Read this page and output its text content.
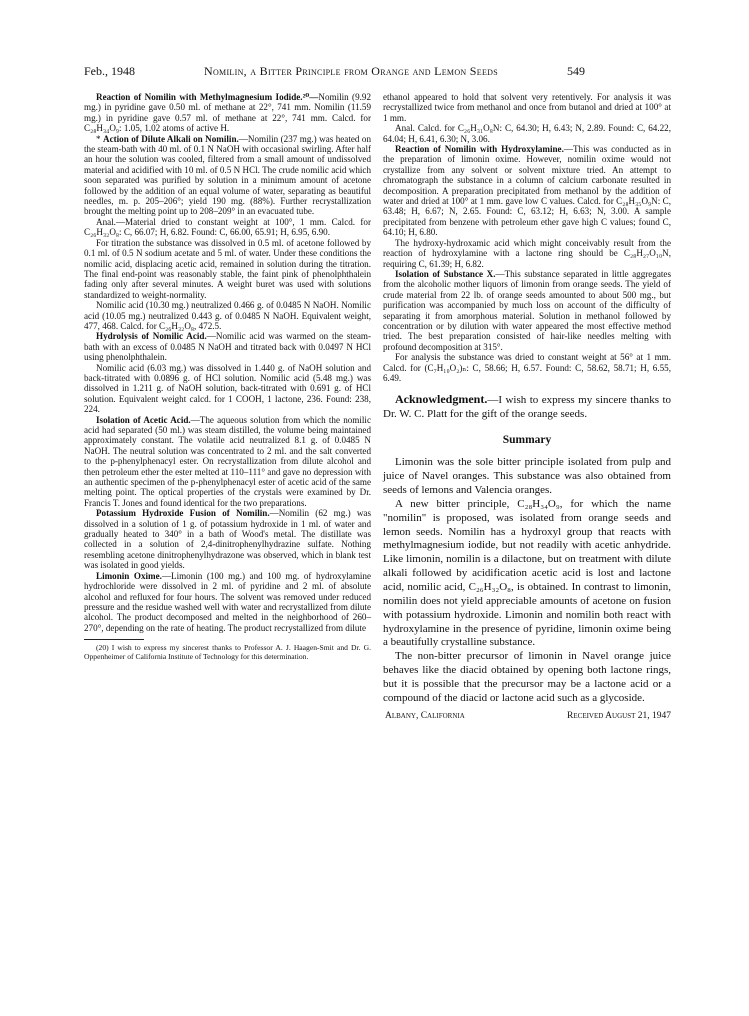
Feb., 1948	Nomilin, a Bitter Principle from Orange and Lemon Seeds	549

Reaction of Nomilin with Methylmagnesium Iodide.²⁰—Nomilin (9.92 mg.) in pyridine gave 0.50 ml. of methane at 22°, 741 mm. Nomilin (11.59 mg.) in pyridine gave 0.57 ml. of methane at 22°, 741 mm. Calcd. for C₂₈H₃₄O₉: 1.05, 1.02 atoms of active H.

* Action of Dilute Alkali on Nomilin.—Nomilin (237 mg.) was heated on the steam-bath with 40 ml. of 0.1 N NaOH with occasional swirling. After half an hour the solution was cooled, filtered from a small amount of undissolved material and acidified with 10 ml. of 0.5 N HCl. The crude nomilic acid which soon separated was purified by solution in a minimum amount of acetone followed by the addition of an equal volume of water, separating as beautiful needles, m. p. 205–206°; yield 190 mg. (88%). Further recrystallization brought the melting point up to 208–209° in an evacuated tube.

Anal.—Material dried to constant weight at 100°, 1 mm. Calcd. for C₂₆H₃₂O₈: C, 66.07; H, 6.82. Found: C, 66.00, 65.91; H, 6.95, 6.90.

For titration the substance was dissolved in 0.5 ml. of acetone followed by 0.1 ml. of 0.5 N sodium acetate and 5 ml. of water. Under these conditions the nomilic acid, displacing acetic acid, remained in solution during the titration. The final end-point was reasonably stable, the faint pink of phenolphthalein fading only after several minutes. A weight buret was used with solutions standardized to weight-normality.

Nomilic acid (10.30 mg.) neutralized 0.466 g. of 0.0485 N NaOH. Nomilic acid (10.05 mg.) neutralized 0.443 g. of 0.0485 N NaOH. Equivalent weight, 477, 468. Calcd. for C₂₆H₃₂O₈, 472.5.

Hydrolysis of Nomilic Acid.—Nomilic acid was warmed on the steam-bath with an excess of 0.0485 N NaOH and titrated back with 0.0497 N HCl using phenolphthalein.

Nomilic acid (6.03 mg.) was dissolved in 1.440 g. of NaOH solution and back-titrated with 0.0896 g. of HCl solution. Nomilic acid (5.48 mg.) was dissolved in 1.211 g. of NaOH solution, back-titrated with 0.691 g. of HCl solution. Equivalent weight calcd. for 1 COOH, 1 lactone, 236. Found: 238, 224.

Isolation of Acetic Acid.—The aqueous solution from which the nomilic acid had separated (50 ml.) was steam distilled, the volume being maintained approximately constant. The volatile acid neutralized 8.1 g. of 0.0485 N NaOH. The neutral solution was concentrated to 2 ml. and the salt converted to the p-phenylphenacyl ester. On recrystallization from dilute alcohol and then petroleum ether the ester melted at 110–111° and gave no depression with an authentic specimen of the p-phenylphenacyl ester of acetic acid of the same melting point. The optical properties of the crystals were examined by Dr. Francis T. Jones and found identical for the two preparations.

Potassium Hydroxide Fusion of Nomilin.—Nomilin (62 mg.) was dissolved in a solution of 1 g. of potassium hydroxide in 1 ml. of water and gradually heated to 340° in a bath of Wood's metal. The distillate was collected in a solution of 2,4-dinitrophenylhydrazine sulfate. Nothing resembling acetone dinitrophenylhydrazone was observed, which in blank test was isolated in good yields.

Limonin Oxime.—Limonin (100 mg.) and 100 mg. of hydroxylamine hydrochloride were dissolved in 2 ml. of pyridine and 2 ml. of absolute alcohol and refluxed for four hours. The solvent was removed under reduced pressure and the residue washed well with water and recrystallized from dilute alcohol. The product decomposed and melted in the neighborhood of 260–270°, depending on the rate of heating. The product recrystallized from dilute

(20) I wish to express my sincerest thanks to Professor A. J. Haagen-Smit and Dr. G. Oppenheimer of California Institute of Technology for this determination.

ethanol appeared to hold that solvent very retentively. For analysis it was recrystallized twice from methanol and once from butanol and dried at 100° at 1 mm.

Anal. Calcd. for C₂₆H₃₁O₈N: C, 64.30; H, 6.43; N, 2.89. Found: C, 64.22, 64.04; H, 6.41, 6.30; N, 3.06.

Reaction of Nomilin with Hydroxylamine.—This was conducted as in the preparation of limonin oxime. However, nomilin oxime would not crystallize from any solvent or solvent mixture tried. An attempt to chromatograph the substance in a column of calcium carbonate resulted in decomposition. A preparation precipitated from methanol by the addition of water and dried at 100° at 1 mm. gave low C values. Calcd. for C₂₈H₃₅O₉N: C, 63.48; H, 6.67; N, 2.65. Found: C, 63.12; H, 6.63; N, 3.00. A sample precipitated from benzene with petroleum ether gave high C values; found C, 64.10; H, 6.80.

The hydroxy-hydroxamic acid which might conceivably result from the reaction of hydroxylamine with a lactone ring should be C₂₈H₂₇O₁₀N, requiring C, 61.39; H, 6.82.

Isolation of Substance X.—This substance separated in little aggregates from the alcoholic mother liquors of limonin from orange seeds. The yield of crude material from 22 lb. of orange seeds amounted to about 500 mg., but purification was accompanied by much loss on account of the difficulty of separating it from amorphous material. Solution in methanol followed by concentration or by dilution with water appeared the most effective method tried. The best preparation consisted of hair-like needles melting with profound decomposition at 315°.

For analysis the substance was dried to constant weight at 56° at 1 mm. Calcd. for (C₇H₁₀O₂)ₙ: C, 58.66; H, 6.57. Found: C, 58.62, 58.71; H, 6.55, 6.49.

Acknowledgment.—I wish to express my sincere thanks to Dr. W. C. Platt for the gift of the orange seeds.

Summary

Limonin was the sole bitter principle isolated from pulp and juice of Navel oranges. This substance was also obtained from seeds of lemons and Valencia oranges.

A new bitter principle, C₂₈H₃₄O₉, for which the name "nomilin" is proposed, was isolated from orange seeds and lemon seeds. Nomilin has a hydroxyl group that reacts with methylmagnesium iodide, but not readily with acetic anhydride. Like limonin, nomilin is a dilactone, but on treatment with dilute alkali followed by acidification acetic acid is lost and lactone acid, nomilic acid, C₂₆H₃₂O₈, is obtained. In contrast to limonin, nomilin does not yield appreciable amounts of acetone on fusion with potassium hydroxide. Limonin and nomilin both react with hydroxylamine in the presence of pyridine, limonin oxime being a beautifully crystalline substance.

The non-bitter precursor of limonin in Navel orange juice behaves like the diacid obtained by opening both lactone rings, but it is possible that the precursor may be a lactone acid or a compound of the diacid or lactone acid such as a glycoside.

Albany, California	Received August 21, 1947
